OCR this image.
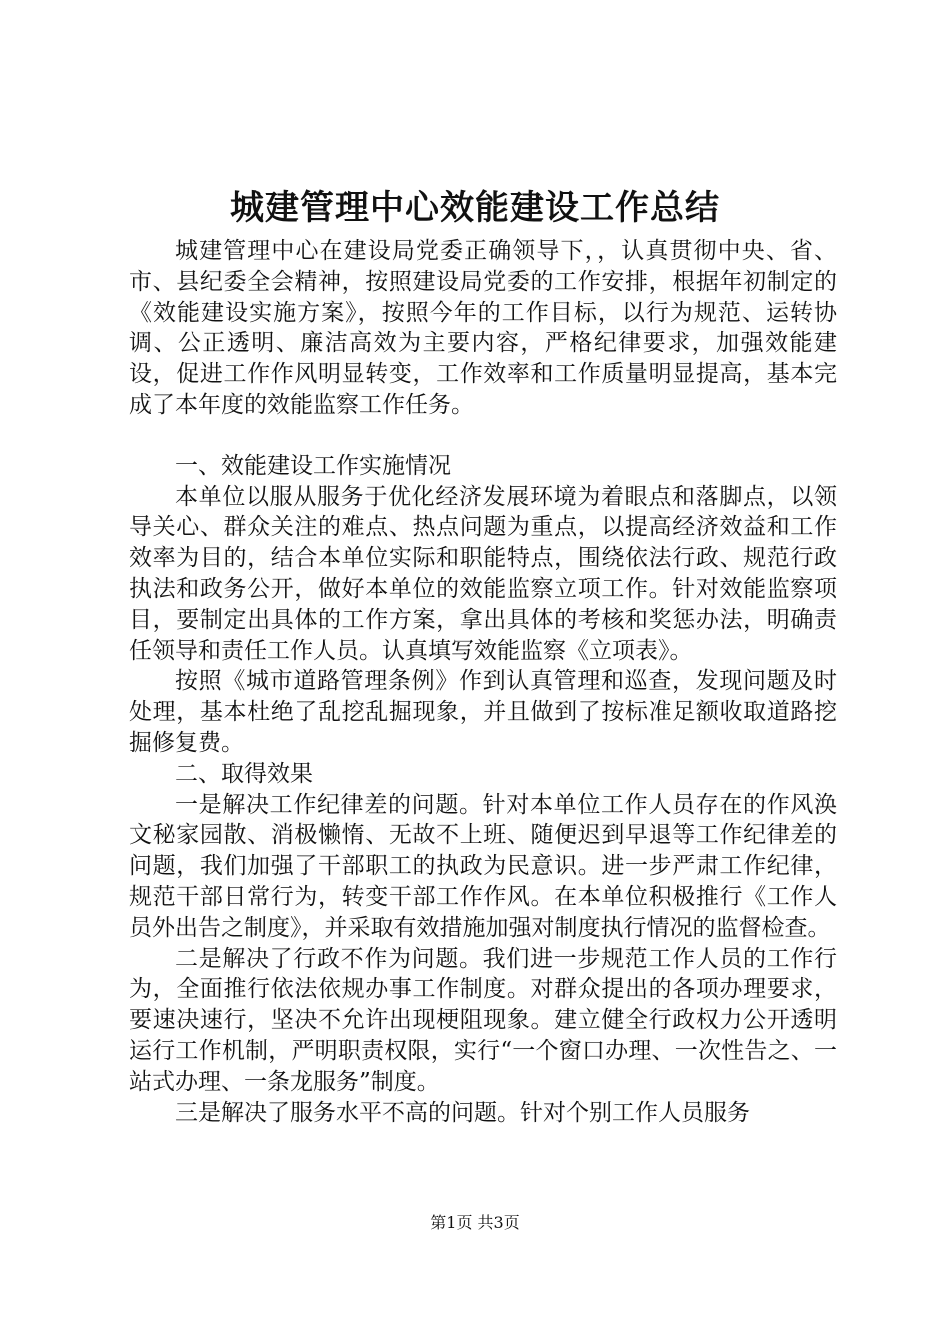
城建管理中心效能建设工作总结

城建管理中心在建设局党委正确领导下，，认真贯彻中央、省、市、县纪委全会精神，按照建设局党委的工作安排，根据年初制定的《效能建设实施方案》，按照今年的工作目标，以行为规范、运转协调、公正透明、廉洁高效为主要内容，严格纪律要求，加强效能建设，促进工作作风明显转变，工作效率和工作质量明显提高，基本完成了本年度的效能监察工作任务。

一、效能建设工作实施情况

本单位以服从服务于优化经济发展环境为着眼点和落脚点，以领导关心、群众关注的难点、热点问题为重点，以提高经济效益和工作效率为目的，结合本单位实际和职能特点，围绕依法行政、规范行政执法和政务公开，做好本单位的效能监察立项工作。针对效能监察项目，要制定出具体的工作方案，拿出具体的考核和奖惩办法，明确责任领导和责任工作人员。认真填写效能监察《立项表》。

按照《城市道路管理条例》作到认真管理和巡查，发现问题及时处理，基本杜绝了乱挖乱掘现象，并且做到了按标准足额收取道路挖掘修复费。

二、取得效果

一是解决工作纪律差的问题。针对本单位工作人员存在的作风涣文秘家园散、消极懒惰、无故不上班、随便迟到早退等工作纪律差的问题，我们加强了干部职工的执政为民意识。进一步严肃工作纪律，规范干部日常行为，转变干部工作作风。在本单位积极推行《工作人员外出告之制度》，并采取有效措施加强对制度执行情况的监督检查。

二是解决了行政不作为问题。我们进一步规范工作人员的工作行为，全面推行依法依规办事工作制度。对群众提出的各项办理要求，要速决速行，坚决不允许出现梗阻现象。建立健全行政权力公开透明运行工作机制，严明职责权限，实行“一个窗口办理、一次性告之、一站式办理、一条龙服务”制度。

三是解决了服务水平不高的问题。针对个别工作人员服务

第1页 共3页
